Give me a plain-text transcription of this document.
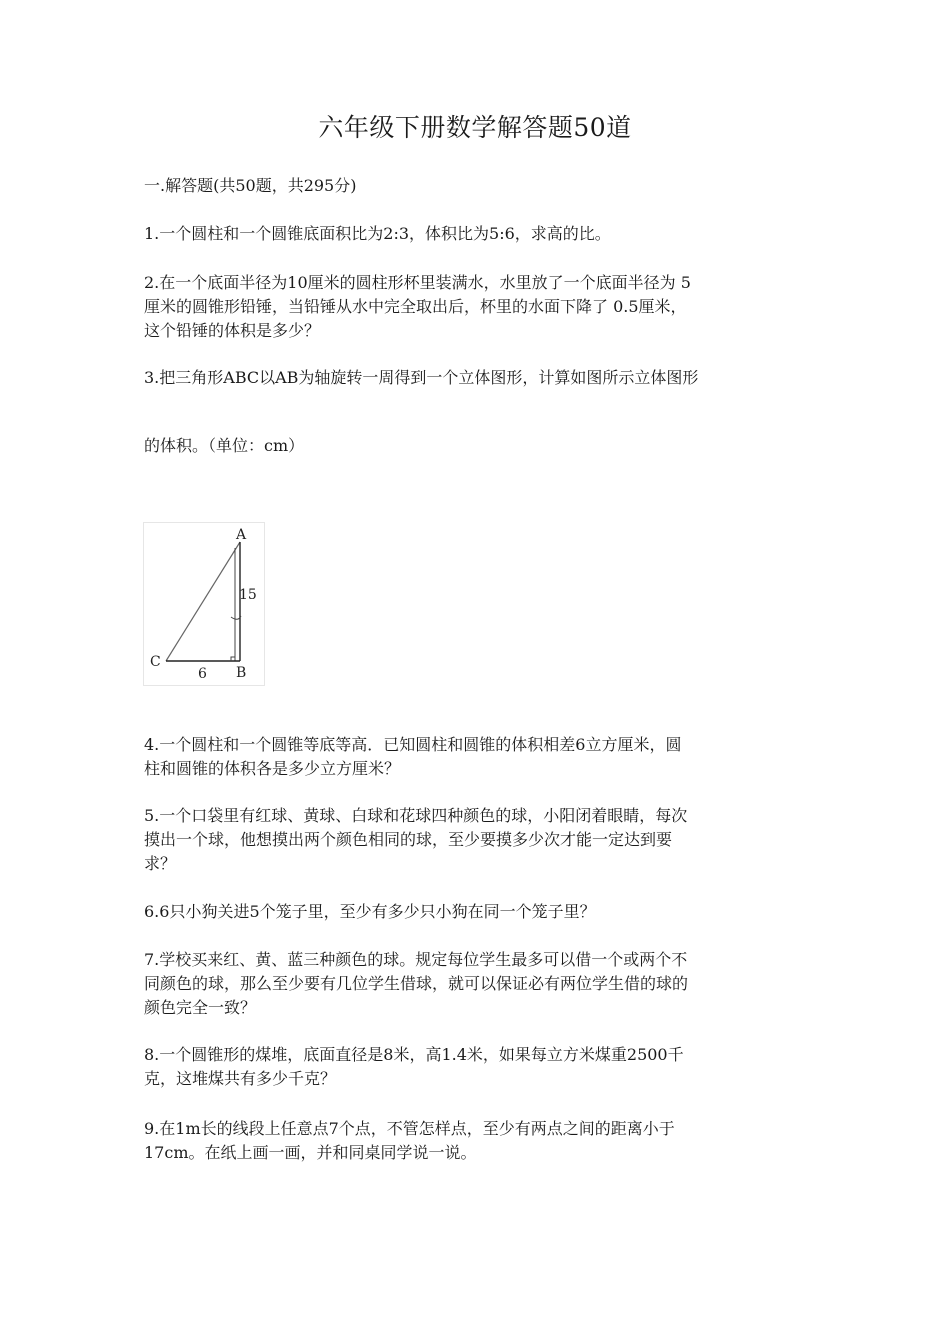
六年级下册数学解答题50道
一.解答题(共50题，共295分)
1.一个圆柱和一个圆锥底面积比为2:3，体积比为5:6，求高的比。
2.在一个底面半径为10厘米的圆柱形杯里装满水，水里放了一个底面半径为 5
厘米的圆锥形铅锤，当铅锤从水中完全取出后，杯里的水面下降了 0.5厘米，
这个铅锤的体积是多少？
3.把三角形ABC以AB为轴旋转一周得到一个立体图形，计算如图所示立体图形
的体积。（单位：cm）
A
15
C
6 B
4.一个圆柱和一个圆锥等底等高．已知圆柱和圆锥的体积相差6立方厘米，圆
柱和圆锥的体积各是多少立方厘米？
5.一个口袋里有红球、黄球、白球和花球四种颜色的球，小阳闭着眼睛，每次
摸出一个球，他想摸出两个颜色相同的球，至少要摸多少次才能一定达到要
求？
6.6只小狗关进5个笼子里，至少有多少只小狗在同一个笼子里？
7.学校买来红、黄、蓝三种颜色的球。规定每位学生最多可以借一个或两个不
同颜色的球，那么至少要有几位学生借球，就可以保证必有两位学生借的球的
颜色完全一致？
8.一个圆锥形的煤堆，底面直径是8米，高1.4米，如果每立方米煤重2500千
克，这堆煤共有多少千克？
9.在1m长的线段上任意点7个点，不管怎样点，至少有两点之间的距离小于
17cm。在纸上画一画，并和同桌同学说一说。
